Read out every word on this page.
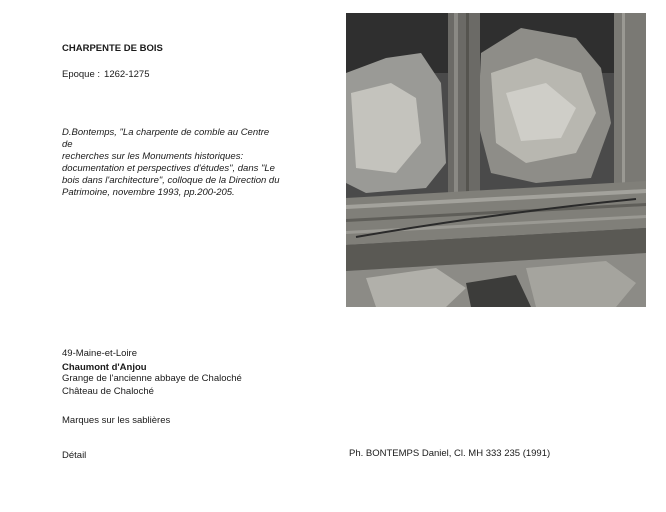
CHARPENTE DE BOIS
Epoque : 1262-1275
D.Bontemps, "La charpente de comble au Centre de
recherches sur les Monuments historiques:
documentation et perspectives d'études", dans "Le
bois dans l'architecture", colloque de la Direction du
Patrimoine, novembre 1993, pp.200-205.
49-Maine-et-Loire
Chaumont d'Anjou
Grange de l'ancienne abbaye de Chaloché
Château de Chaloché
Marques sur les sablières
Détail	Ph. BONTEMPS Daniel, Cl. MH 333 235 (1991)
